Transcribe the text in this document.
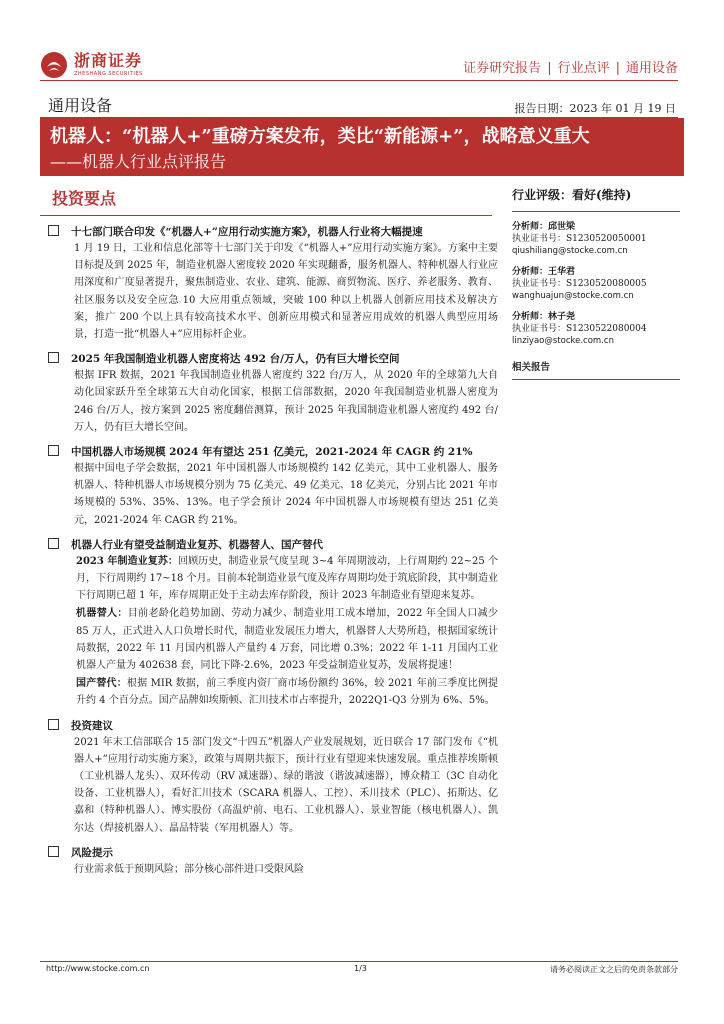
浙商证券
ZHESHANG SECURITIES	证券研究报告 | 行业点评 | 通用设备
通用设备	报告日期：2023 年 01 月 19 日
机器人：“机器人+”重磅方案发布，类比“新能源+”，战略意义重大
——机器人行业点评报告
投资要点
十七部门联合印发《“机器人+”应用行动实施方案》，机器人行业将大幅提速
1 月 19 日，工业和信息化部等十七部门关于印发《“机器人+”应用行动实施方案》。方案中主要目标提及到 2025 年，制造业机器人密度较 2020 年实现翻番，服务机器人、特种机器人行业应用深度和广度显著提升，聚焦制造业、农业、建筑、能源、商贸物流、医疗、养老服务、教育、社区服务以及安全应急 10 大应用重点领域，突破 100 种以上机器人创新应用技术及解决方案，推广 200 个以上具有较高技术水平、创新应用模式和显著应用成效的机器人典型应用场景，打造一批“机器人+”应用标杆企业。
2025 年我国制造业机器人密度将达 492 台/万人，仍有巨大增长空间
根据 IFR 数据，2021 年我国制造业机器人密度约 322 台/万人，从 2020 年的全球第九大自动化国家跃升至全球第五大自动化国家，根据工信部数据，2020 年我国制造业机器人密度为 246 台/万人，按方案到 2025 密度翻倍测算，预计 2025 年我国制造业机器人密度约 492 台/万人，仍有巨大增长空间。
中国机器人市场规模 2024 年有望达 251 亿美元，2021-2024 年 CAGR 约 21%
根据中国电子学会数据，2021 年中国机器人市场规模约 142 亿美元，其中工业机器人、服务机器人、特种机器人市场规模分别为 75 亿美元、49 亿美元、18 亿美元，分别占比 2021 年市场规模的 53%、35%、13%。电子学会预计 2024 年中国机器人市场规模有望达 251 亿美元，2021-2024 年 CAGR 约 21%。
机器人行业有望受益制造业复苏、机器替人、国产替代
2023 年制造业复苏：回顾历史，制造业景气度呈现 3~4 年周期波动，上行周期约 22~25 个月，下行周期约 17~18 个月。目前本轮制造业景气度及库存周期均处于筑底阶段，其中制造业下行周期已超 1 年，库存周期正处于主动去库存阶段，预计 2023 年制造业有望迎来复苏。
机器替人：目前老龄化趋势加剧、劳动力减少、制造业用工成本增加，2022 年全国人口减少 85 万人，正式进入人口负增长时代，制造业发展压力增大，机器替人大势所趋，根据国家统计局数据，2022 年 11 月国内机器人产量约 4 万套，同比增 0.3%；2022 年 1-11 月国内工业机器人产量为 402638 套，同比下降-2.6%，2023 年受益制造业复苏，发展将提速！
国产替代：根据 MIR 数据，前三季度内资厂商市场份额约 36%，较 2021 年前三季度比例提升约 4 个百分点。国产品牌如埃斯顿、汇川技术市占率提升，2022Q1-Q3 分别为 6%、5%。
投资建议
2021 年末工信部联合 15 部门发文“十四五”机器人产业发展规划，近日联合 17 部门发布《“机器人+”应用行动实施方案》，政策与周期共振下，预计行业有望迎来快速发展。重点推荐埃斯顿（工业机器人龙头）、双环传动（RV 减速器）、绿的谐波（谐波减速器），博众精工（3C 自动化设备、工业机器人），看好汇川技术（SCARA 机器人、工控）、禾川技术（PLC）、拓斯达、亿嘉和（特种机器人）、博实股份（高温炉前、电石、工业机器人）、景业智能（核电机器人）、凯尔达（焊接机器人）、晶品特装（军用机器人）等。
风险提示
行业需求低于预期风险；部分核心部件进口受限风险
行业评级：看好(维持)
分析师：邱世梁
执业证书号：S1230520050001
qiushiliang@stocke.com.cn
分析师：王华君
执业证书号：S1230520080005
wanghuajun@stocke.com.cn
分析师：林子尧
执业证书号：S1230522080004
linziyao@stocke.com.cn
相关报告
http://www.stocke.com.cn	1/3	请务必阅读正文之后的免责条款部分
